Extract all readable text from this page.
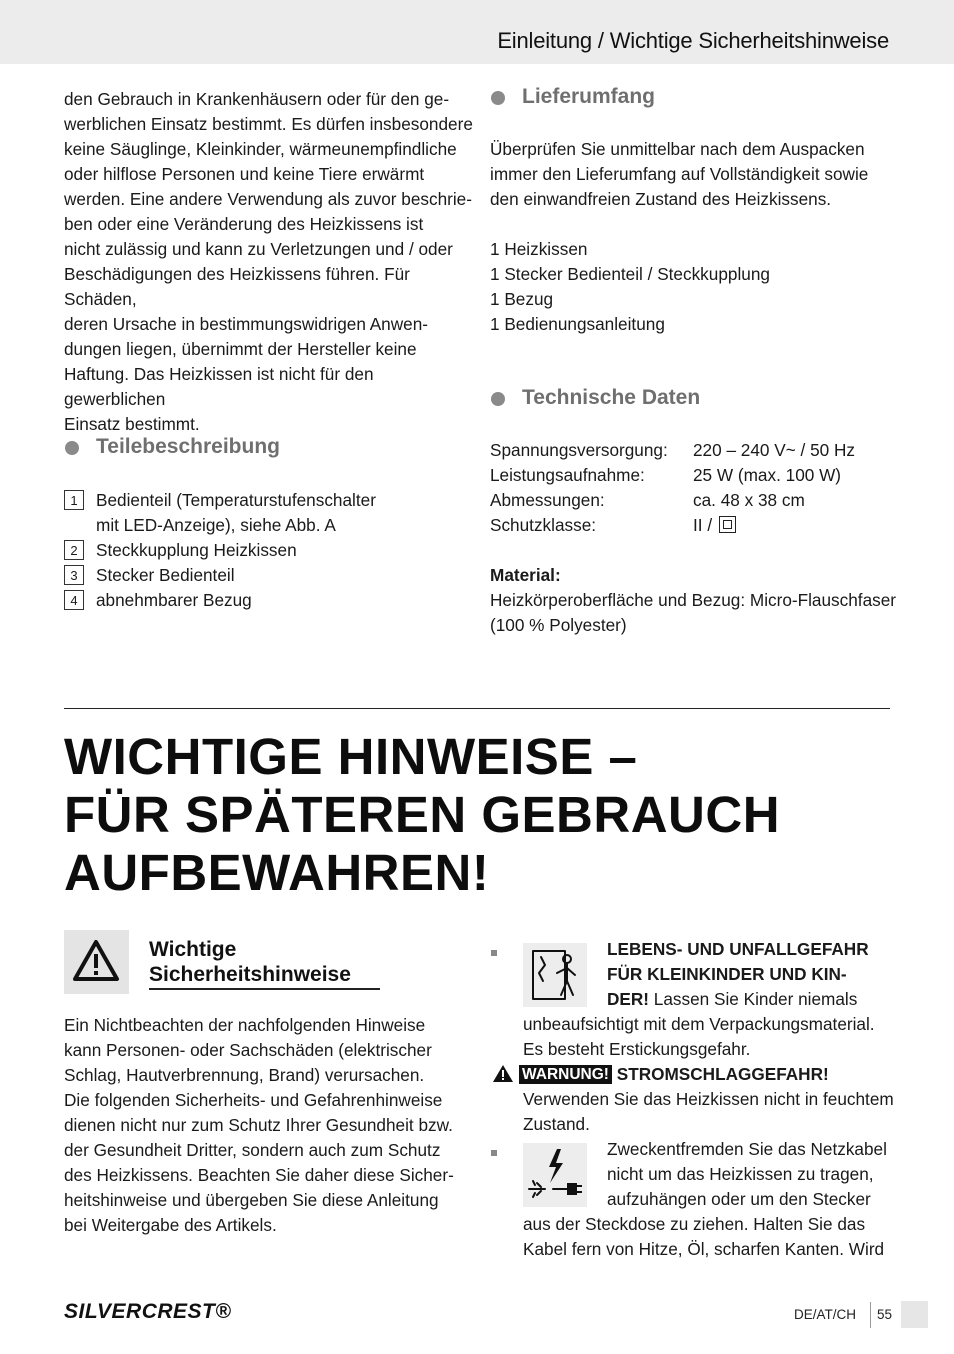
Einleitung / Wichtige Sicherheitshinweise

den Gebrauch in Krankenhäusern oder für den ge-
werblichen Einsatz bestimmt. Es dürfen insbesondere
keine Säuglinge, Kleinkinder, wärmeunempfindliche
oder hilflose Personen und keine Tiere erwärmt
werden. Eine andere Verwendung als zuvor beschrie-
ben oder eine Veränderung des Heizkissens ist
nicht zulässig und kann zu Verletzungen und / oder
Beschädigungen des Heizkissens führen. Für Schäden,
deren Ursache in bestimmungswidrigen Anwen-
dungen liegen, übernimmt der Hersteller keine
Haftung. Das Heizkissen ist nicht für den gewerblichen
Einsatz bestimmt.

Teilebeschreibung
1	Bedienteil (Temperaturstufenschalter
mit LED-Anzeige), siehe Abb. A
2	Steckkupplung Heizkissen
3	Stecker Bedienteil
4	abnehmbarer Bezug
Lieferumfang

Überprüfen Sie unmittelbar nach dem Auspacken
immer den Lieferumfang auf Vollständigkeit sowie
den einwandfreien Zustand des Heizkissens.

1 Heizkissen
1 Stecker Bedienteil / Steckkupplung
1 Bezug
1 Bedienungsanleitung
Technische Daten
Spannungsversorgung: 220 – 240 V~ / 50 Hz
Leistungsaufnahme:	25 W (max. 100 W)
Abmessungen:	ca. 48 x 38 cm
Schutzklasse:	II /
Material:

Heizkörperoberfläche und Bezug: Micro-Flauschfaser
(100 % Polyester)

WICHTIGE HINWEISE –
FÜR SPÄTEREN GEBRAUCH
AUFBEWAHREN!
Wichtige
Sicherheitshinweise

Ein Nichtbeachten der nachfolgenden Hinweise
kann Personen- oder Sachschäden (elektrischer
Schlag, Hautverbrennung, Brand) verursachen.
Die folgenden Sicherheits- und Gefahrenhinweise
dienen nicht nur zum Schutz Ihrer Gesundheit bzw.
der Gesundheit Dritter, sondern auch zum Schutz
des Heizkissens. Beachten Sie daher diese Sicher-
heitshinweise und übergeben Sie diese Anleitung
bei Weitergabe des Artikels.

LEBENS- UND UNFALLGEFAHR
FÜR KLEINKINDER UND KIN-
DER! Lassen Sie Kinder niemals
unbeaufsichtigt mit dem Verpackungsmaterial.
Es besteht Erstickungsgefahr.
WARNUNG! STROMSCHLAGGEFAHR!
Verwenden Sie das Heizkissen nicht in feuchtem
Zustand.
Zweckentfremden Sie das Netzkabel
nicht um das Heizkissen zu tragen,
aufzuhängen oder um den Stecker
aus der Steckdose zu ziehen. Halten Sie das
Kabel fern von Hitze, Öl, scharfen Kanten. Wird
SILVERCREST®	DE/AT/CH 55
